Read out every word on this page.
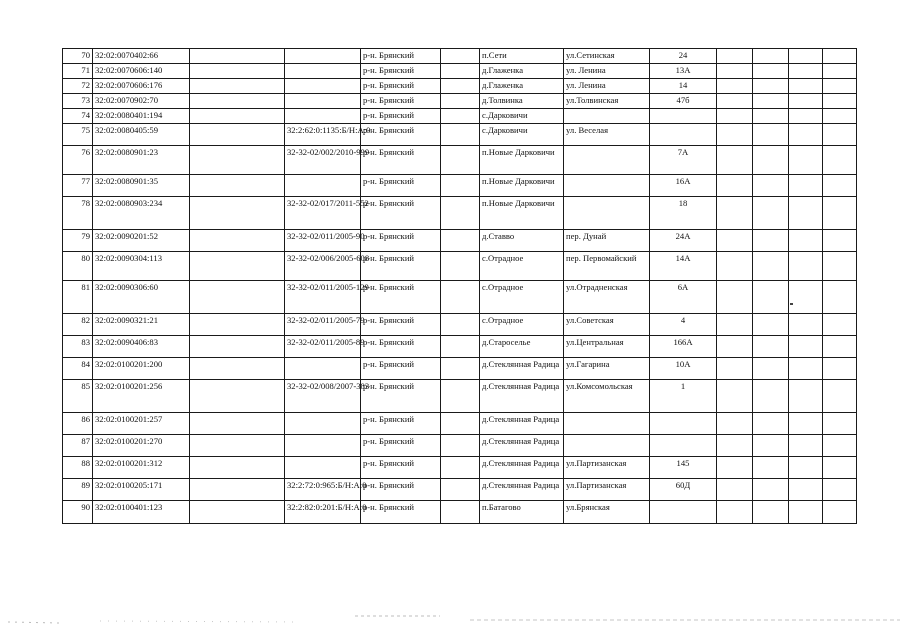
70	32:02:0070402:66			р-н. Брянский		п.Сети	ул.Сетинская	24				
71	32:02:0070606:140			р-н. Брянский		д.Глаженка	ул. Ленина	13А				
72	32:02:0070606:176			р-н. Брянский		д.Глаженка	ул. Ленина	14				
73	32:02:0070902:70			р-н. Брянский		д.Толвинка	ул.Толвинская	47б				
74	32:02:0080401:194			р-н. Брянский		с.Дарковичи						
75	32:02:0080405:59		32:2:62:0:1135:Б/Н:А:0	р-н. Брянский		с.Дарковичи	ул. Веселая					
76	32:02:0080901:23		32-32-02/002/2010-999	р-н. Брянский		п.Новые Дарковичи		7А				
77	32:02:0080901:35			р-н. Брянский		п.Новые Дарковичи		16А				
78	32:02:0080903:234		32-32-02/017/2011-552	р-н. Брянский		п.Новые Дарковичи		18				
79	32:02:0090201:52		32-32-02/011/2005-90	р-н. Брянский		д.Ставво	пер. Дунай	24А				
80	32:02:0090304:113		32-32-02/006/2005-608	р-н. Брянский		с.Отрадное	пер. Первомайский	14А				
81	32:02:0090306:60		32-32-02/011/2005-129	р-н. Брянский		с.Отрадное	ул.Отрадненская	6А				
82	32:02:0090321:21		32-32-02/011/2005-79	р-н. Брянский		с.Отрадное	ул.Советская	4				
83	32:02:0090406:83		32-32-02/011/2005-89	р-н. Брянский		д.Староселье	ул.Центральная	166А				
84	32:02:0100201:200			р-н. Брянский		д.Стеклянная Радица	ул.Гагарина	10А				
85	32:02:0100201:256		32-32-02/008/2007-383	р-н. Брянский		д.Стеклянная Радица	ул.Комсомольская	1				
86	32:02:0100201:257			р-н. Брянский		д.Стеклянная Радица						
87	32:02:0100201:270			р-н. Брянский		д.Стеклянная Радица						
88	32:02:0100201:312			р-н. Брянский		д.Стеклянная Радица	ул.Партизанская	145				
89	32:02:0100205:171		32:2:72:0:965:Б/Н:А:0	р-н. Брянский		д.Стеклянная Радица	ул.Партизанская	60Д				
90	32:02:0100401:123		32:2:82:0:201:Б/Н:А:0	р-н. Брянский		п.Батагово	ул.Брянская					
